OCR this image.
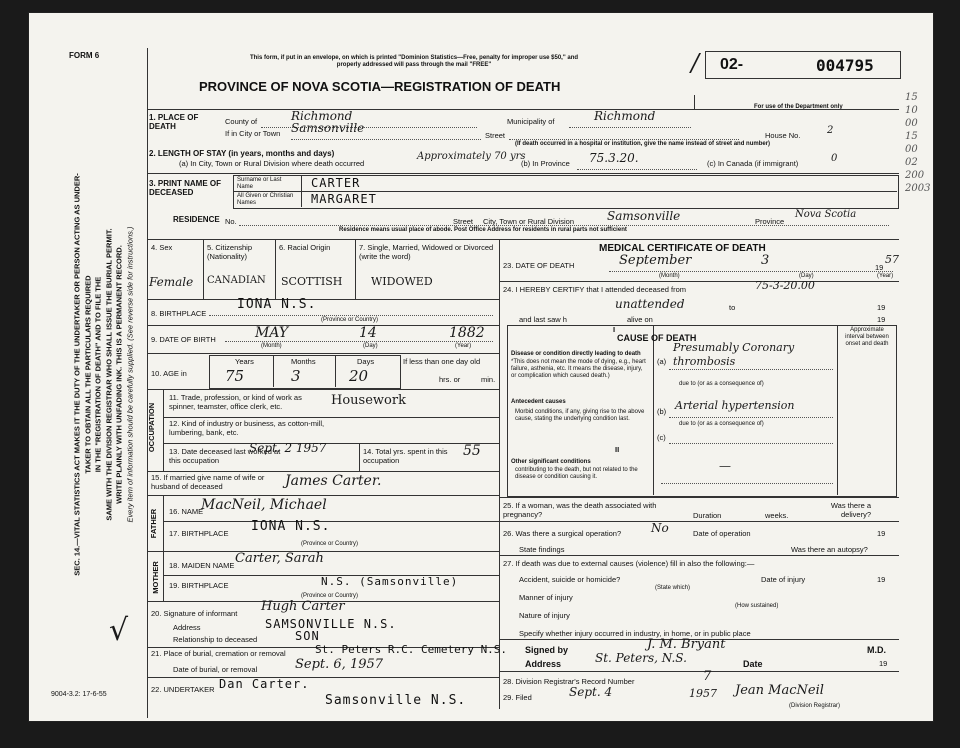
FORM 6
SEC. 14.—VITAL STATISTICS ACT MAKES IT THE DUTY OF THE UNDERTAKER OR PERSON ACTING AS UNDER- TAKER TO OBTAIN ALL THE PARTICULARS REQUIRED IN THE "REGISTRATION OF DEATH" AND TO FILE THE SAME WITH THE DIVISION REGISTRAR WHO SHALL ISSUE THE BURIAL PERMIT. WRITE PLAINLY WITH UNFADING INK. THIS IS A PERMANENT RECORD. Every item of information should be carefully supplied. (See reverse side for instructions.)
9004-3.2: 17-6-55
√
This form, if put in an envelope, on which is printed "Dominion Statistics—Free, penalty for improper use $50," and properly addressed will pass through the mail "FREE"
PROVINCE OF NOVA SCOTIA—REGISTRATION OF DEATH
02-	004795
/
For use of the Department only
15
10
00
15
00
02
200
2003
1. PLACE OF DEATH
County of	Richmond	Municipality of	Richmond
If in City or Town Samsonville
Street	House No.	2
(If death occurred in a hospital or institution, give the name instead of street and number)
2. LENGTH OF STAY (in years, months and days)
(a) In City, Town or Rural Division where death occurred
Approximately 70 yrs
(b) In Province 75.3.20.	(c) In Canada (if immigrant)	0
3. PRINT NAME OF DECEASED
Surname or Last Name	CARTER
All Given or Christian Names	MARGARET
RESIDENCE No.	Street City, Town or Rural Division	Samsonville	Province
Nova Scotia
Residence means usual place of abode. Post Office Address for residents in rural parts not sufficient
4. Sex
Female
5. Citizenship (Nationality)
CANADIAN
6. Racial Origin
SCOTTISH
7. Single, Married, Widowed or Divorced (write the word)
WIDOWED
8. BIRTHPLACE
IONA N.S.
(Province or Country)
9. DATE OF BIRTH	MAY	14	1882
(Month)	(Day)	(Year)
10. AGE in
Years
75
Months
3
Days
20
If less than one day old
hrs. or	min.
OCCUPATION
11. Trade, profession, or kind of work as spinner, teamster, office clerk, etc.	Housework
12. Kind of industry or business, as cotton-mill, lumbering, bank, etc.
13. Date deceased last worked at this occupation
Sept. 2 1957	14. Total yrs. spent in this occupation
55
15. If married give name of wife or husband of deceased	James Carter.
FATHER 16. NAME
MacNeil, Michael
17. BIRTHPLACE IONA N.S.
(Province or Country)
MOTHER 18. MAIDEN NAME Carter, Sarah
19. BIRTHPLACE	N.S. (Samsonville)
(Province or Country)
20. Signature of informant Hugh Carter
Address	SAMSONVILLE N.S.
Relationship to deceased	SON
21. Place of burial, cremation or removal	St. Peters R.C. Cemetery N.S.
Date of burial, or removal	Sept. 6, 1957
22. UNDERTAKER Dan Carter.
Samsonville N.S.
MEDICAL CERTIFICATE OF DEATH
23. DATE OF DEATH	September	3	19
57
(Month)	(Day)	(Year)
24. I HEREBY CERTIFY that I attended deceased from	75-3-20.00
unattended	to	19
and last saw h	alive on	19
CAUSE OF DEATH
I	Approximate interval between onset and death
Disease or condition directly leading to death
*This does not mean the mode of dying, e.g., heart failure, asthenia, etc. It means the disease, injury, or complication which caused death.)
(a)
Presumably Coronary thrombosis
due to (or as a consequence of)
Antecedent causes
Morbid conditions, if any, giving rise to the above cause, stating the underlying condition last.
(b) Arterial hypertension
due to (or as a consequence of)
(c)
II
Other significant conditions
contributing to the death, but not related to the disease or condition causing it.
—
25. If a woman, was the death associated with pregnancy?	Duration	weeks.
Was there a delivery?
26. Was there a surgical operation? No	Date of operation	19
State findings	Was there an autopsy?
27. If death was due to external causes (violence) fill in also the following:—
Accident, suicide or homicide?	Date of injury	19
(State which)
Manner of injury
(How sustained)
Nature of injury
Specify whether injury occurred in industry, in home, or in public place
Signed by	J. M. Bryant	M.D.
Address	St. Peters, N.S.	Date	19
28. Division Registrar's Record Number	7
29. Filed	Sept. 4	1957 Jean MacNeil
(Division Registrar)
